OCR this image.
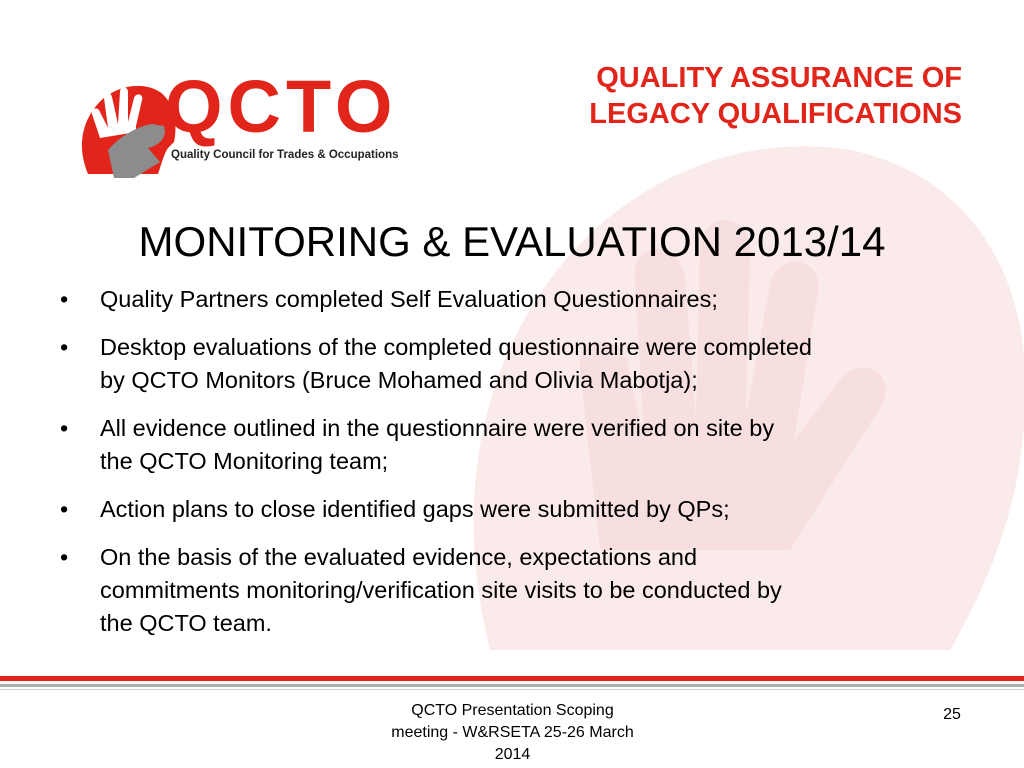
QCTO
Quality Council for Trades & Occupations
QUALITY ASSURANCE OF
LEGACY QUALIFICATIONS
MONITORING & EVALUATION 2013/14
• Quality Partners completed Self Evaluation Questionnaires;
• Desktop evaluations of the completed questionnaire were completed
by QCTO Monitors (Bruce Mohamed and Olivia Mabotja);
• All evidence outlined in the questionnaire were verified on site by
the QCTO Monitoring team;
• Action plans to close identified gaps were submitted by QPs;
• On the basis of the evaluated evidence, expectations and
commitments monitoring/verification site visits to be conducted by
the QCTO team.
QCTO Presentation Scoping
meeting - W&RSETA 25-26 March
2014
25
